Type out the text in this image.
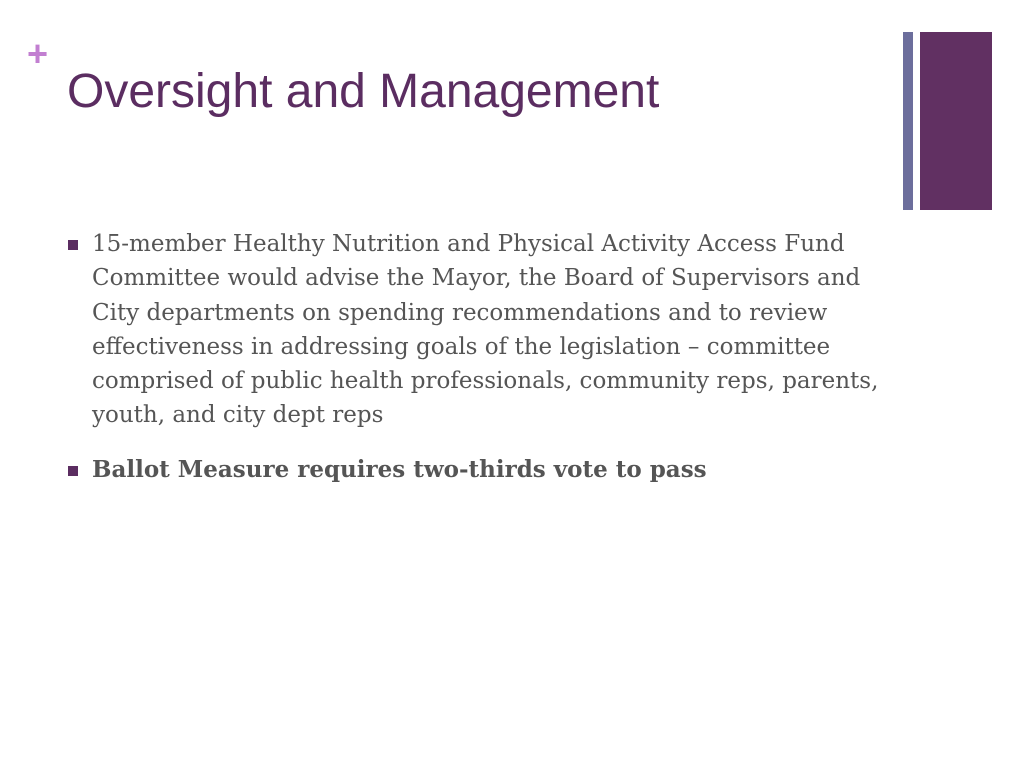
+
Oversight and Management
15-member Healthy Nutrition and Physical Activity Access Fund Committee would advise the Mayor, the Board of Supervisors and City departments on spending recommendations and to review effectiveness in addressing goals of the legislation – committee comprised of public health professionals, community reps, parents, youth, and city dept reps
Ballot Measure requires two-thirds vote to pass
